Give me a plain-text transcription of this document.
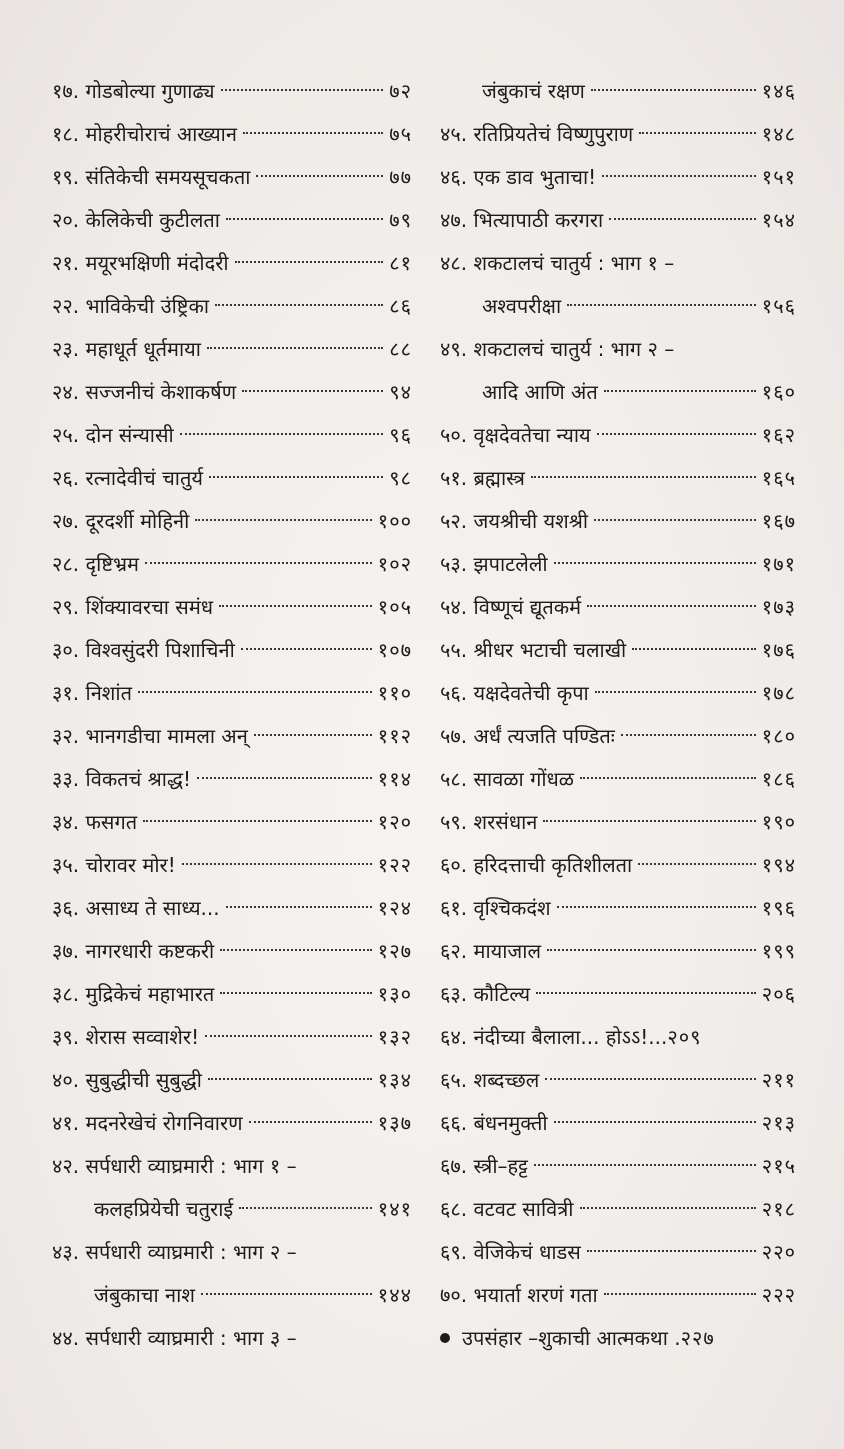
१७. गोडबोल्या गुणाढ्य	७२
१८. मोहरीचोराचं आख्यान	७५
१९. संतिकेची समयसूचकता	७७
२०. केलिकेची कुटीलता	७९
२१. मयूरभक्षिणी मंदोदरी	८१
२२. भाविकेची उंष्ट्रिका	८६
२३. महाधूर्त धूर्तमाया	८८
२४. सज्जनीचं केशाकर्षण	९४
२५. दोन संन्यासी	९६
२६. रत्नादेवीचं चातुर्य	९८
२७. दूरदर्शी मोहिनी	१००
२८. दृष्टिभ्रम	१०२
२९. शिंक्यावरचा समंध	१०५
३०. विश्वसुंदरी पिशाचिनी	१०७
३१. निशांत	११०
३२. भानगडीचा मामला अन्	११२
३३. विकतचं श्राद्ध!	११४
३४. फसगत	१२०
३५. चोरावर मोर!	१२२
३६. असाध्य ते साध्य...	१२४
३७. नागरधारी कष्टकरी	१२७
३८. मुद्रिकेचं महाभारत	१३०
३९. शेरास सव्वाशेर!	१३२
४०. सुबुद्धीची सुबुद्धी	१३४
४१. मदनरेखेचं रोगनिवारण	१३७
४२. सर्पधारी व्याघ्रमारी : भाग १ –
कलहप्रियेची चतुराई	१४१
४३. सर्पधारी व्याघ्रमारी : भाग २ –
जंबुकाचा नाश	१४४
४४. सर्पधारी व्याघ्रमारी : भाग ३ –
जंबुकाचं रक्षण	१४६
४५. रतिप्रियतेचं विष्णुपुराण	१४८
४६. एक डाव भुताचा!	१५१
४७. भित्यापाठी करगरा	१५४
४८. शकटालचं चातुर्य : भाग १ –
अश्वपरीक्षा	१५६
४९. शकटालचं चातुर्य : भाग २ –
आदि आणि अंत	१६०
५०. वृक्षदेवतेचा न्याय	१६२
५१. ब्रह्मास्त्र	१६५
५२. जयश्रीची यशश्री	१६७
५३. झपाटलेली	१७१
५४. विष्णूचं द्यूतकर्म	१७३
५५. श्रीधर भटाची चलाखी	१७६
५६. यक्षदेवतेची कृपा	१७८
५७. अर्धं त्यजति पण्डितः	१८०
५८. सावळा गोंधळ	१८६
५९. शरसंधान	१९०
६०. हरिदत्ताची कृतिशीलता	१९४
६१. वृश्चिकदंश	१९६
६२. मायाजाल	१९९
६३. कौटिल्य	२०६
६४. नंदीच्या बैलाला... होऽऽ!... २०९
६५. शब्दच्छल	२११
६६. बंधनमुक्ती	२१३
६७. स्त्री–हट्ट	२१५
६८. वटवट सावित्री	२१८
६९. वेजिकेचं धाडस	२२०
७०. भयार्ता शरणं गता	२२२
उपसंहार –शुकाची आत्मकथा . २२७
